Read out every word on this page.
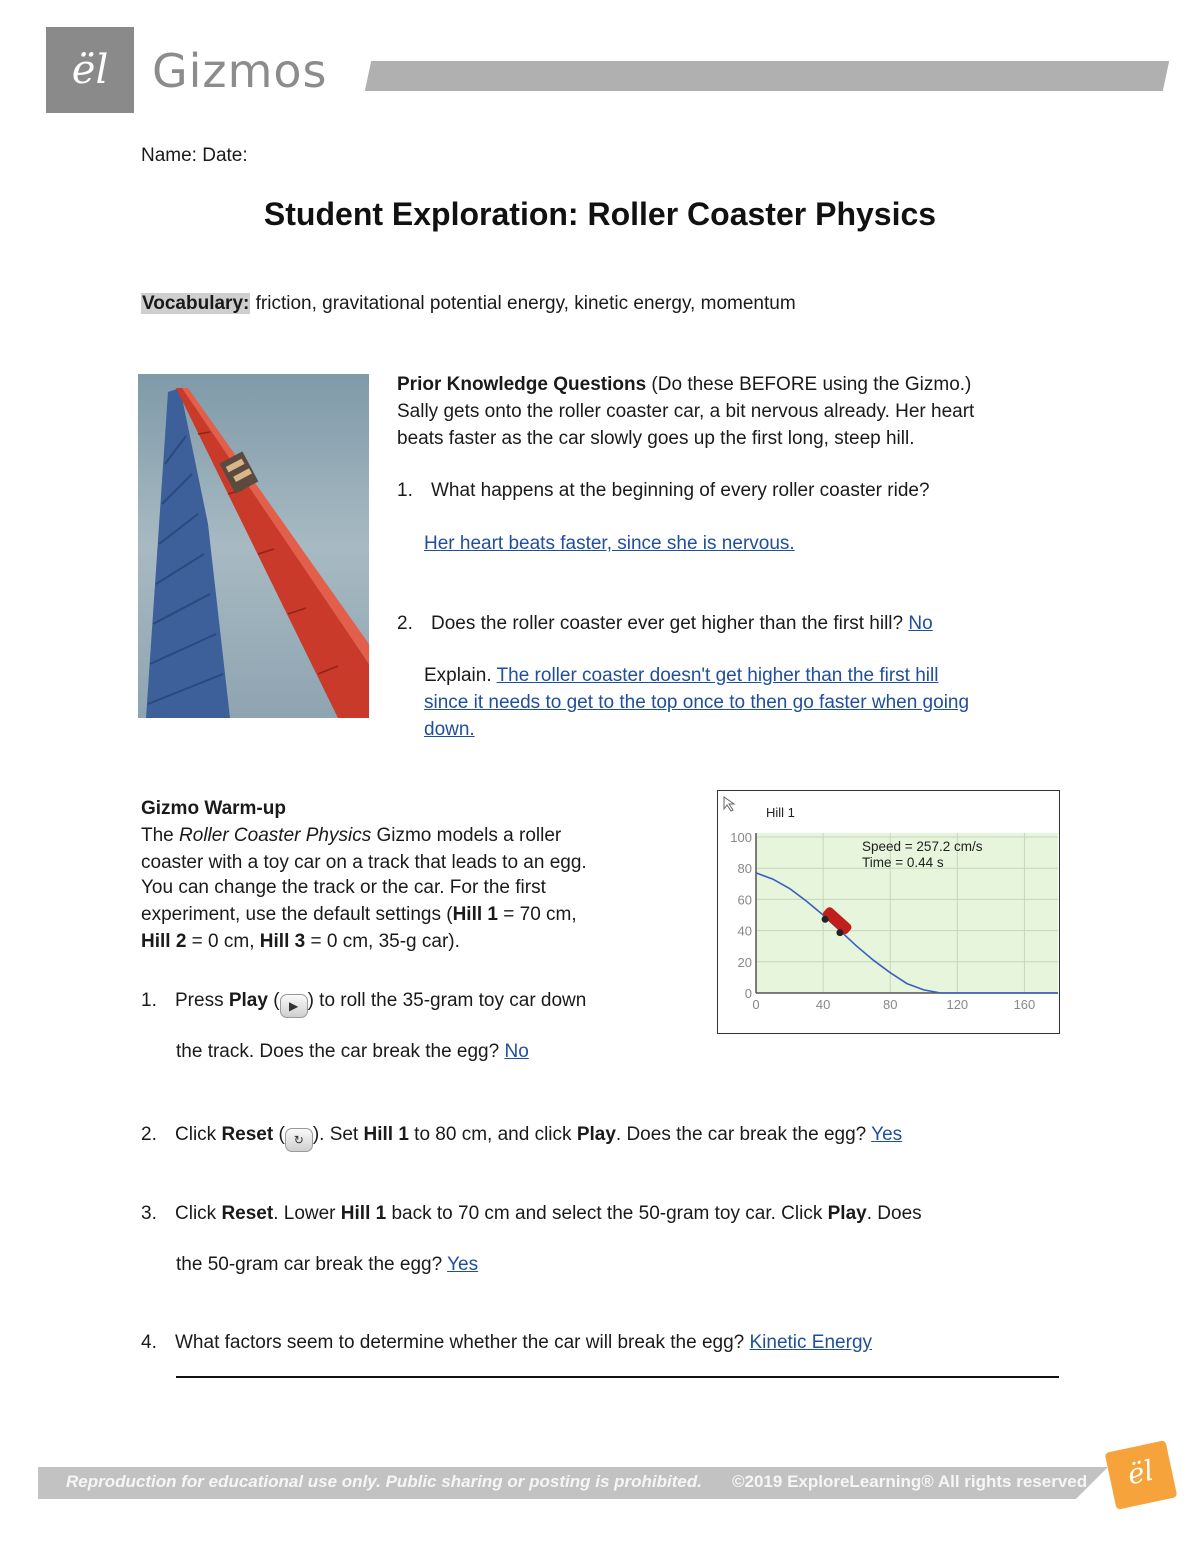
ël Gizmos
Name: Date:
Student Exploration: Roller Coaster Physics
Vocabulary: friction, gravitational potential energy, kinetic energy, momentum
Prior Knowledge Questions (Do these BEFORE using the Gizmo.)
Sally gets onto the roller coaster car, a bit nervous already. Her heart
beats faster as the car slowly goes up the first long, steep hill.
1. What happens at the beginning of every roller coaster ride?
Her heart beats faster, since she is nervous.
2. Does the roller coaster ever get higher than the first hill? No
Explain. The roller coaster doesn't get higher than the first hill
since it needs to get to the top once to then go faster when going
down.
Gizmo Warm-up
The Roller Coaster Physics Gizmo models a roller
coaster with a toy car on a track that leads to an egg.
You can change the track or the car. For the first
experiment, use the default settings (Hill 1 = 70 cm,
Hill 2 = 0 cm, Hill 3 = 0 cm, 35-g car).
1. Press Play ( ▶ ) to roll the 35-gram toy car down
the track. Does the car break the egg? No
2. Click Reset ( ↻ ). Set Hill 1 to 80 cm, and click Play. Does the car break the egg? Yes
3. Click Reset. Lower Hill 1 back to 70 cm and select the 50-gram toy car. Click Play. Does
the 50-gram car break the egg? Yes
4. What factors seem to determine whether the car will break the egg? Kinetic Energy
0	40	80	120	160
0
20
40
60
80
100
Hill 1
Speed = 257.2 cm/s
Time = 0.44 s
Reproduction for educational use only. Public sharing or posting is prohibited. ©2019 ExploreLearning® All rights reserved	ël
